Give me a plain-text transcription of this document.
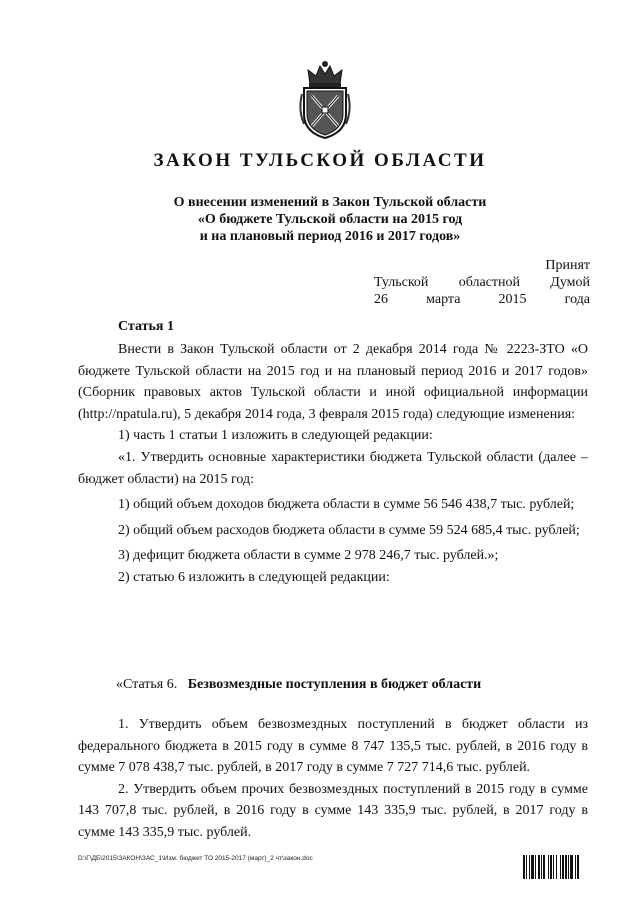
ЗАКОН ТУЛЬСКОЙ ОБЛАСТИ
О внесении изменений в Закон Тульской области
«О бюджете Тульской области на 2015 год
и на плановый период 2016 и 2017 годов»
Принят
Тульской областной Думой
26	марта	2015	года
Статья 1

Внести в Закон Тульской области от 2 декабря 2014 года № 2223-ЗТО «О бюджете Тульской области на 2015 год и на плановый период 2016 и 2017 годов» (Сборник правовых актов Тульской области и иной официальной информации (http://npatula.ru), 5 декабря 2014 года, 3 февраля 2015 года) следующие изменения:

1) часть 1 статьи 1 изложить в следующей редакции:

«1. Утвердить основные характеристики бюджета Тульской области (далее – бюджет области) на 2015 год:

1) общий объем доходов бюджета области в сумме 56 546 438,7 тыс. рублей;

2) общий объем расходов бюджета области в сумме 59 524 685,4 тыс. рублей;

3) дефицит бюджета области в сумме 2 978 246,7 тыс. рублей.»;

2) статью 6 изложить в следующей редакции:

«Статья 6. Безвозмездные поступления в бюджет области

1. Утвердить объем безвозмездных поступлений в бюджет области из федерального бюджета в 2015 году в сумме 8 747 135,5 тыс. рублей, в 2016 году в сумме 7 078 438,7 тыс. рублей, в 2017 году в сумме 7 727 714,6 тыс. рублей.

2. Утвердить объем прочих безвозмездных поступлений в 2015 году в сумме 143 707,8 тыс. рублей, в 2016 году в сумме 143 335,9 тыс. рублей, в 2017 году в сумме 143 335,9 тыс. рублей.

D:\Г\ДБ\2015\ЗАКОН\ЗАС_1\Изм. бюджет ТО 2015-2017 (март)_2 чт\закон.doc
